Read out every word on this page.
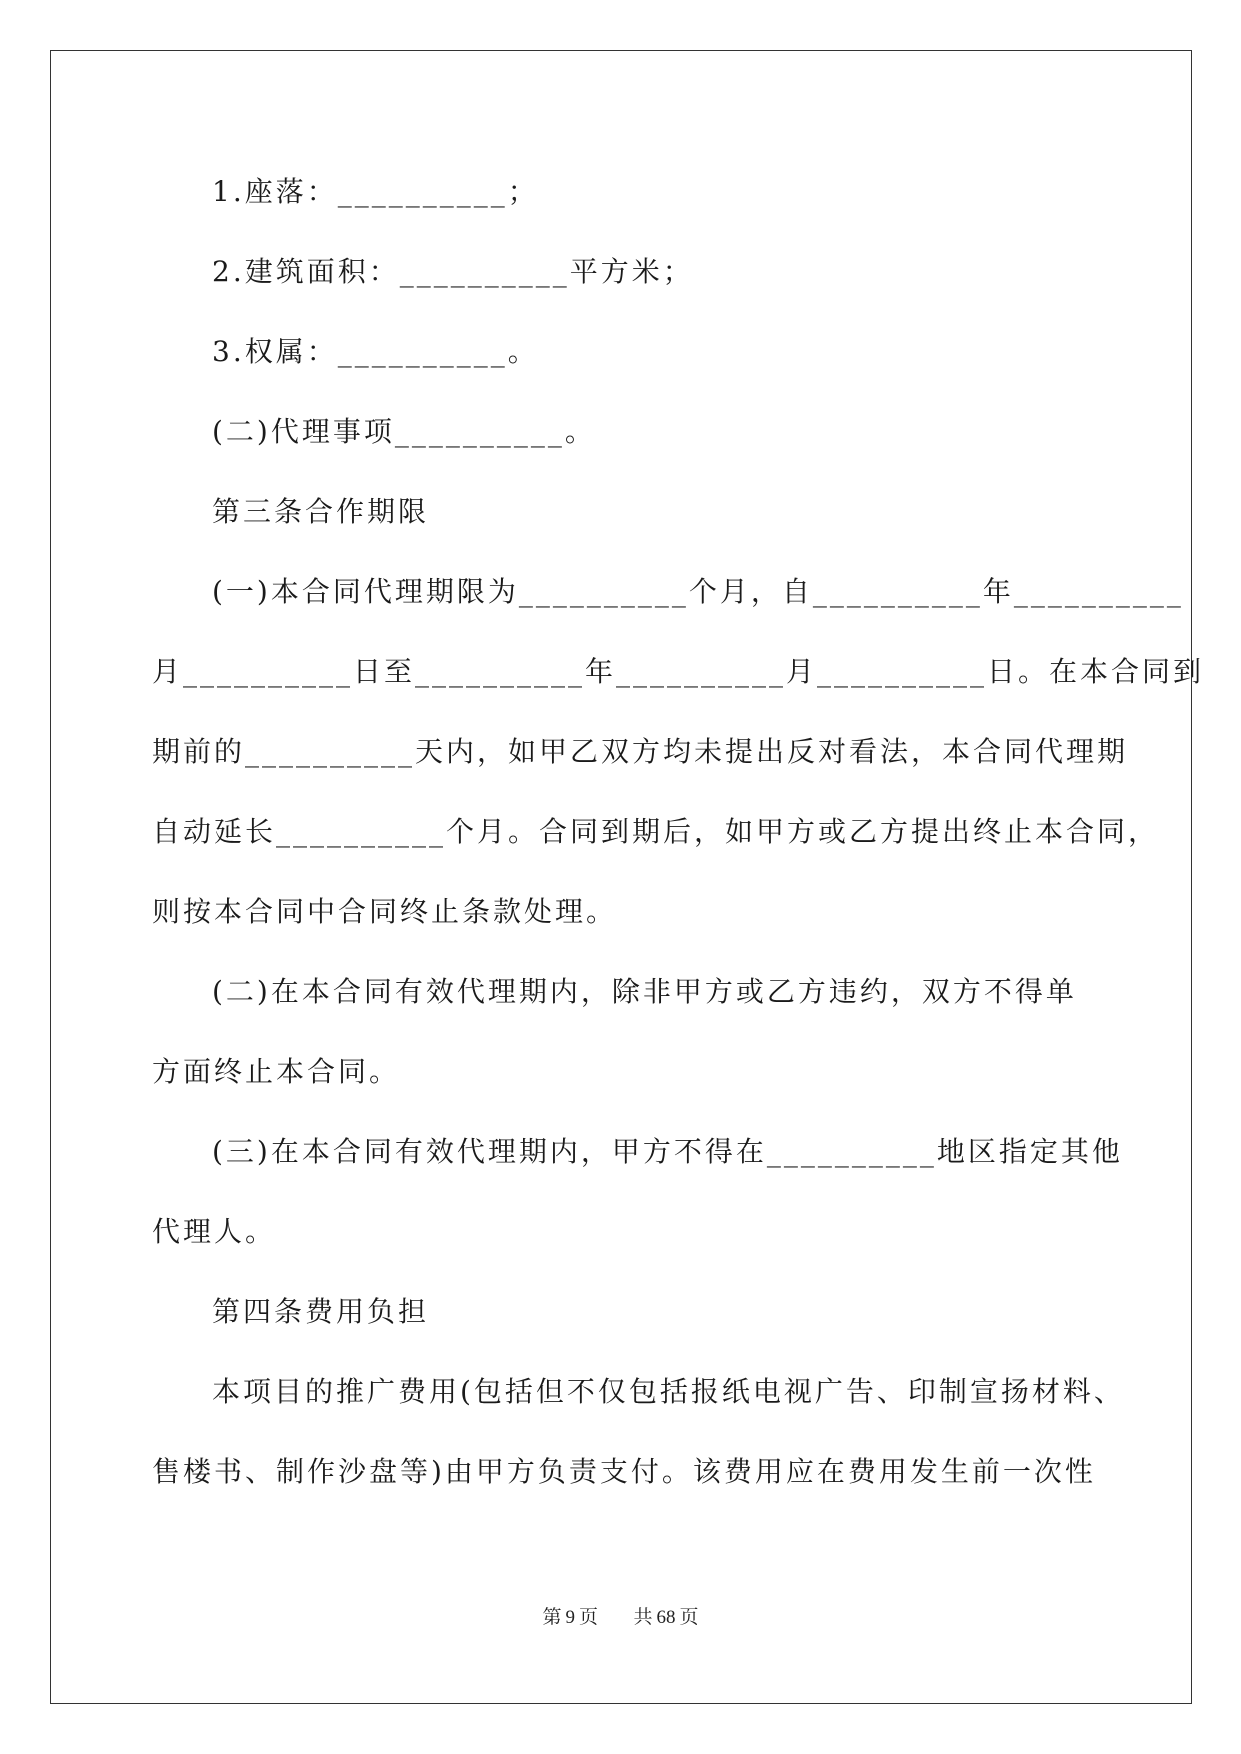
1.座落：__________；
2.建筑面积：__________平方米；
3.权属：__________。
(二)代理事项__________。
第三条合作期限
(一)本合同代理期限为__________个月，自__________年__________
月__________日至__________年__________月__________日。在本合同到
期前的__________天内，如甲乙双方均未提出反对看法，本合同代理期
自动延长__________个月。合同到期后，如甲方或乙方提出终止本合同，
则按本合同中合同终止条款处理。
(二)在本合同有效代理期内，除非甲方或乙方违约，双方不得单
方面终止本合同。
(三)在本合同有效代理期内，甲方不得在__________地区指定其他
代理人。
第四条费用负担
本项目的推广费用(包括但不仅包括报纸电视广告、印制宣扬材料、
售楼书、制作沙盘等)由甲方负责支付。该费用应在费用发生前一次性
第 9 页 共 68 页
